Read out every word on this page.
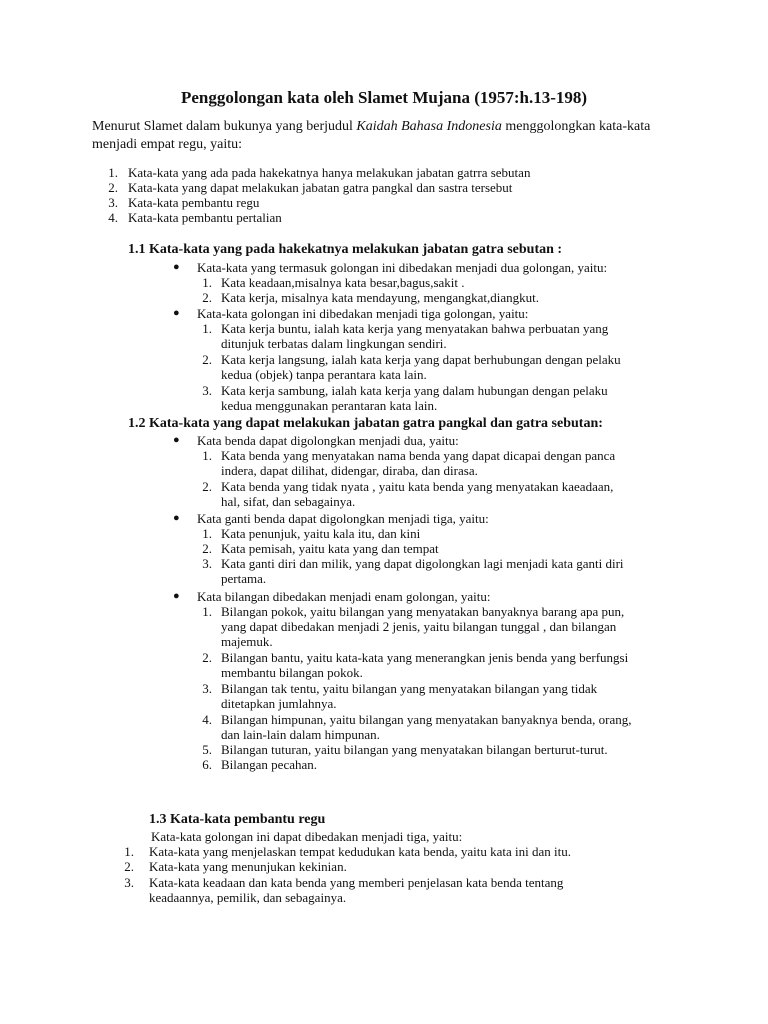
Penggolongan kata oleh Slamet Mujana (1957:h.13-198)
Menurut Slamet dalam bukunya yang berjudul Kaidah Bahasa Indonesia menggolongkan kata-kata menjadi empat regu, yaitu:
1. Kata-kata yang ada pada hakekatnya hanya melakukan jabatan gatrra sebutan
2. Kata-kata yang dapat melakukan jabatan gatra pangkal dan sastra tersebut
3. Kata-kata pembantu regu
4. Kata-kata pembantu pertalian
1.1 Kata-kata yang pada hakekatnya melakukan jabatan gatra sebutan :
● Kata-kata yang termasuk golongan ini dibedakan menjadi dua golongan, yaitu:
1. Kata keadaan,misalnya kata besar,bagus,sakit .
2. Kata kerja, misalnya kata mendayung, mengangkat,diangkut.
● Kata-kata golongan ini dibedakan menjadi tiga golongan, yaitu:
1. Kata kerja buntu, ialah kata kerja yang menyatakan bahwa perbuatan yang
ditunjuk terbatas dalam lingkungan sendiri.
2. Kata kerja langsung, ialah kata kerja yang dapat berhubungan dengan pelaku
kedua (objek) tanpa perantara kata lain.
3. Kata kerja sambung, ialah kata kerja yang dalam hubungan dengan pelaku
kedua menggunakan perantaran kata lain.
1.2 Kata-kata yang dapat melakukan jabatan gatra pangkal dan gatra sebutan:
● Kata benda dapat digolongkan menjadi dua, yaitu:
1. Kata benda yang menyatakan nama benda yang dapat dicapai dengan panca
indera, dapat dilihat, didengar, diraba, dan dirasa.
2. Kata benda yang tidak nyata , yaitu kata benda yang menyatakan kaeadaan,
hal, sifat, dan sebagainya.
● Kata ganti benda dapat digolongkan menjadi tiga, yaitu:
1. Kata penunjuk, yaitu kala itu, dan kini
2. Kata pemisah, yaitu kata yang dan tempat
3. Kata ganti diri dan milik, yang dapat digolongkan lagi menjadi kata ganti diri
pertama.
● Kata bilangan dibedakan menjadi enam golongan, yaitu:
1. Bilangan pokok, yaitu bilangan yang menyatakan banyaknya barang apa pun,
yang dapat dibedakan menjadi 2 jenis, yaitu bilangan tunggal , dan bilangan
majemuk.
2. Bilangan bantu, yaitu kata-kata yang menerangkan jenis benda yang berfungsi
membantu bilangan pokok.
3. Bilangan tak tentu, yaitu bilangan yang menyatakan bilangan yang tidak
ditetapkan jumlahnya.
4. Bilangan himpunan, yaitu bilangan yang menyatakan banyaknya benda, orang,
dan lain-lain dalam himpunan.
5. Bilangan tuturan, yaitu bilangan yang menyatakan bilangan berturut-turut.
6. Bilangan pecahan.
1.3 Kata-kata pembantu regu
Kata-kata golongan ini dapat dibedakan menjadi tiga, yaitu:
1. Kata-kata yang menjelaskan tempat kedudukan kata benda, yaitu kata ini dan itu.
2. Kata-kata yang menunjukan kekinian.
3. Kata-kata keadaan dan kata benda yang memberi penjelasan kata benda tentang
keadaannya, pemilik, dan sebagainya.
